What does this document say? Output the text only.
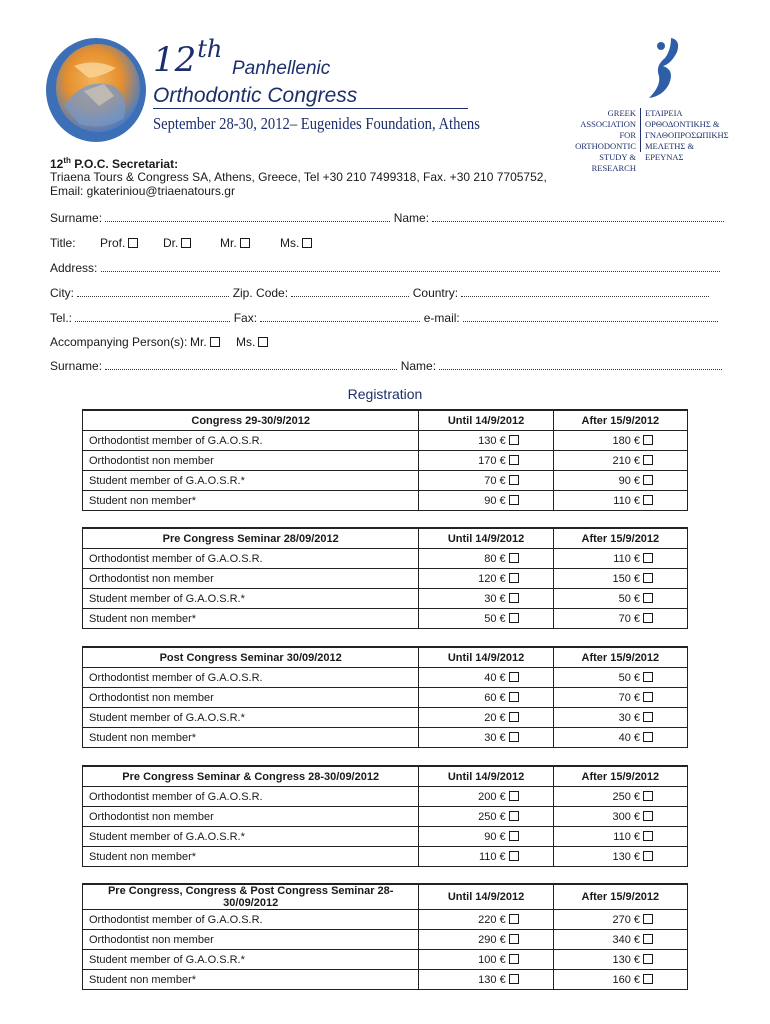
12th
Panhellenic
Orthodontic Congress
September 28-30, 2012– Eugenides Foundation, Athens
GREEK
ASSOCIATION
FOR ORTHODONTIC
STUDY &
RESEARCH
ΕΤΑΙΡΕΙΑ
ΟΡΘΟΔΟΝΤΙΚΗΣ &
ΓΝΑΘΟΠΡΟΣΩΠΙΚΗΣ
ΜΕΛΕΤΗΣ &
ΕΡΕΥΝΑΣ
12th P.O.C. Secretariat:
Triaena Tours & Congress SA, Athens, Greece, Tel +30 210 7499318, Fax. +30 210 7705752,
Email: gkateriniou@triaenatours.gr
Surname:	Name:
Title: Prof.	Dr.	Mr.	Ms.
Address:
City:	Zip. Code:	Country:
Tel.:	Fax:	e-mail:
Accompanying Person(s): Mr.	Ms.
Surname:	Name:
Registration
Congress 29-30/9/2012	Until 14/9/2012	After 15/9/2012
Orthodontist member of G.A.O.S.R.	130 €	180 €
Orthodontist non member	170 €	210 €
Student member of G.A.O.S.R.*	70 €	90 €
Student non member*	90 €	110 €
Pre Congress Seminar 28/09/2012	Until 14/9/2012	After 15/9/2012
Orthodontist member of G.A.O.S.R.	80 €	110 €
Orthodontist non member	120 €	150 €
Student member of G.A.O.S.R.*	30 €	50 €
Student non member*	50 €	70 €
Post Congress Seminar 30/09/2012	Until 14/9/2012	After 15/9/2012
Orthodontist member of G.A.O.S.R.	40 €	50 €
Orthodontist non member	60 €	70 €
Student member of G.A.O.S.R.*	20 €	30 €
Student non member*	30 €	40 €
Pre Congress Seminar & Congress 28-30/09/2012	Until 14/9/2012	After 15/9/2012
Orthodontist member of G.A.O.S.R.	200 €	250 €
Orthodontist non member	250 €	300 €
Student member of G.A.O.S.R.*	90 €	110 €
Student non member*	110 €	130 €
Pre Congress, Congress & Post Congress Seminar 28-30/09/2012	Until 14/9/2012	After 15/9/2012
Orthodontist member of G.A.O.S.R.	220 €	270 €
Orthodontist non member	290 €	340 €
Student member of G.A.O.S.R.*	100 €	130 €
Student non member*	130 €	160 €
